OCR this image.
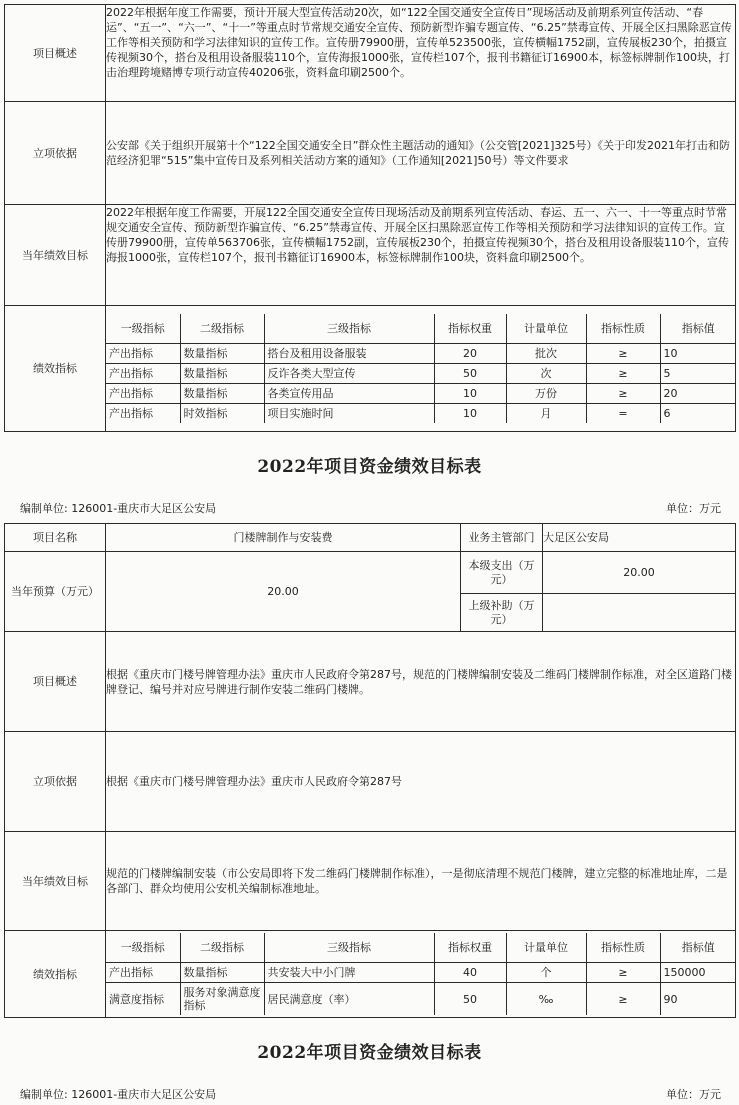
项目概述	2022年根据年度工作需要，预计开展大型宣传活动20次，如“122全国交通安全宣传日”现场活动及前期系列宣传活动、“春运”、“五一”、“六一”、“十一”等重点时节常规交通安全宣传、预防新型诈骗专题宣传、“6.25”禁毒宣传、开展全区扫黑除恶宣传工作等相关预防和学习法律知识的宣传工作。宣传册79900册，宣传单523500张，宣传横幅1752副，宣传展板230个，拍摄宣传视频30个，搭台及租用设备服装110个，宣传海报1000张，宣传栏107个，报刊书籍征订16900本，标签标牌制作100块，打击治理跨境赌博专项行动宣传40206张，资料盒印刷2500个。
立项依据	公安部《关于组织开展第十个“122全国交通安全日”群众性主题活动的通知》（公交管[2021]325号）《关于印发2021年打击和防范经济犯罪“515”集中宣传日及系列相关活动方案的通知》（工作通知[2021]50号）等文件要求
当年绩效目标	2022年根据年度工作需要，开展122全国交通安全宣传日现场活动及前期系列宣传活动、春运、五一、六一、十一等重点时节常规交通安全宣传、预防新型诈骗宣传、“6.25”禁毒宣传、开展全区扫黑除恶宣传工作等相关预防和学习法律知识的宣传工作。宣传册79900册，宣传单563706张，宣传横幅1752副，宣传展板230个，拍摄宣传视频30个，搭台及租用设备服装110个，宣传海报1000张，宣传栏107个，报刊书籍征订16900本，标签标牌制作100块，资料盒印刷2500个。
绩效指标	
一级指标	二级指标	三级指标	指标权重	计量单位	指标性质	指标值
产出指标	数量指标	搭台及租用设备服装	20	批次	≥	10
产出指标	数量指标	反诈各类大型宣传	50	次	≥	5
产出指标	数量指标	各类宣传用品	10	万份	≥	20
产出指标	时效指标	项目实施时间	10	月	=	6
2022年项目资金绩效目标表
编制单位: 126001-重庆市大足区公安局	单位：万元
项目名称	门楼牌制作与安装费	业务主管部门	大足区公安局
当年预算（万元）	20.00	本级支出（万元）	20.00
上级补助（万元）	
项目概述	根据《重庆市门楼号牌管理办法》重庆市人民政府令第287号，规范的门楼牌编制安装及二维码门楼牌制作标准，对全区道路门楼牌登记、编号并对应号牌进行制作安装二维码门楼牌。
立项依据	根据《重庆市门楼号牌管理办法》重庆市人民政府令第287号
当年绩效目标	规范的门楼牌编制安装（市公安局即将下发二维码门楼牌制作标准），一是彻底清理不规范门楼牌，建立完整的标准地址库，二是各部门、群众均使用公安机关编制标准地址。
绩效指标	
一级指标	二级指标	三级指标	指标权重	计量单位	指标性质	指标值
产出指标	数量指标	共安装大中小门牌	40	个	≥	150000
满意度指标	服务对象满意度指标	居民满意度（率）	50	‰	≥	90
2022年项目资金绩效目标表
编制单位: 126001-重庆市大足区公安局	单位：万元
